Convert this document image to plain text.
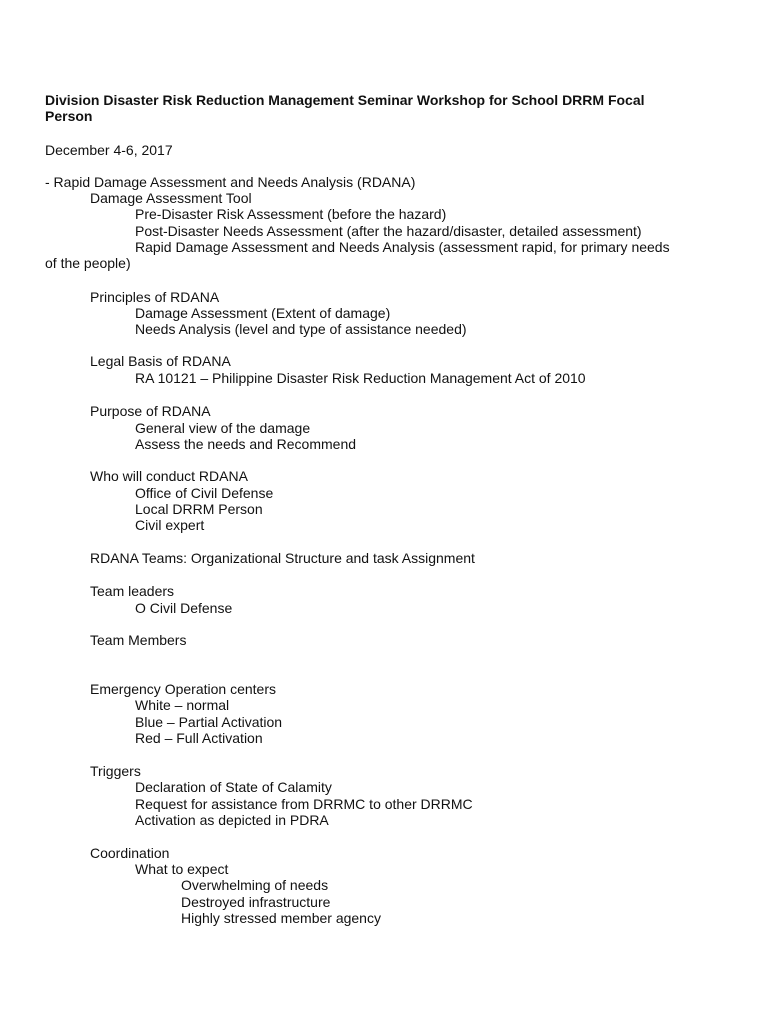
Division Disaster Risk Reduction Management Seminar Workshop for School DRRM Focal
Person
December 4-6, 2017
- Rapid Damage Assessment and Needs Analysis (RDANA)
Damage Assessment Tool
Pre-Disaster Risk Assessment (before the hazard)
Post-Disaster Needs Assessment (after the hazard/disaster, detailed assessment)
Rapid Damage Assessment and Needs Analysis (assessment rapid, for primary needs
of the people)
Principles of RDANA
Damage Assessment (Extent of damage)
Needs Analysis (level and type of assistance needed)
Legal Basis of RDANA
RA 10121 – Philippine Disaster Risk Reduction Management Act of 2010
Purpose of RDANA
General view of the damage
Assess the needs and Recommend
Who will conduct RDANA
Office of Civil Defense
Local DRRM Person
Civil expert
RDANA Teams: Organizational Structure and task Assignment
Team leaders
O Civil Defense
Team Members
Emergency Operation centers
White – normal
Blue – Partial Activation
Red – Full Activation
Triggers
Declaration of State of Calamity
Request for assistance from DRRMC to other DRRMC
Activation as depicted in PDRA
Coordination
What to expect
Overwhelming of needs
Destroyed infrastructure
Highly stressed member agency
